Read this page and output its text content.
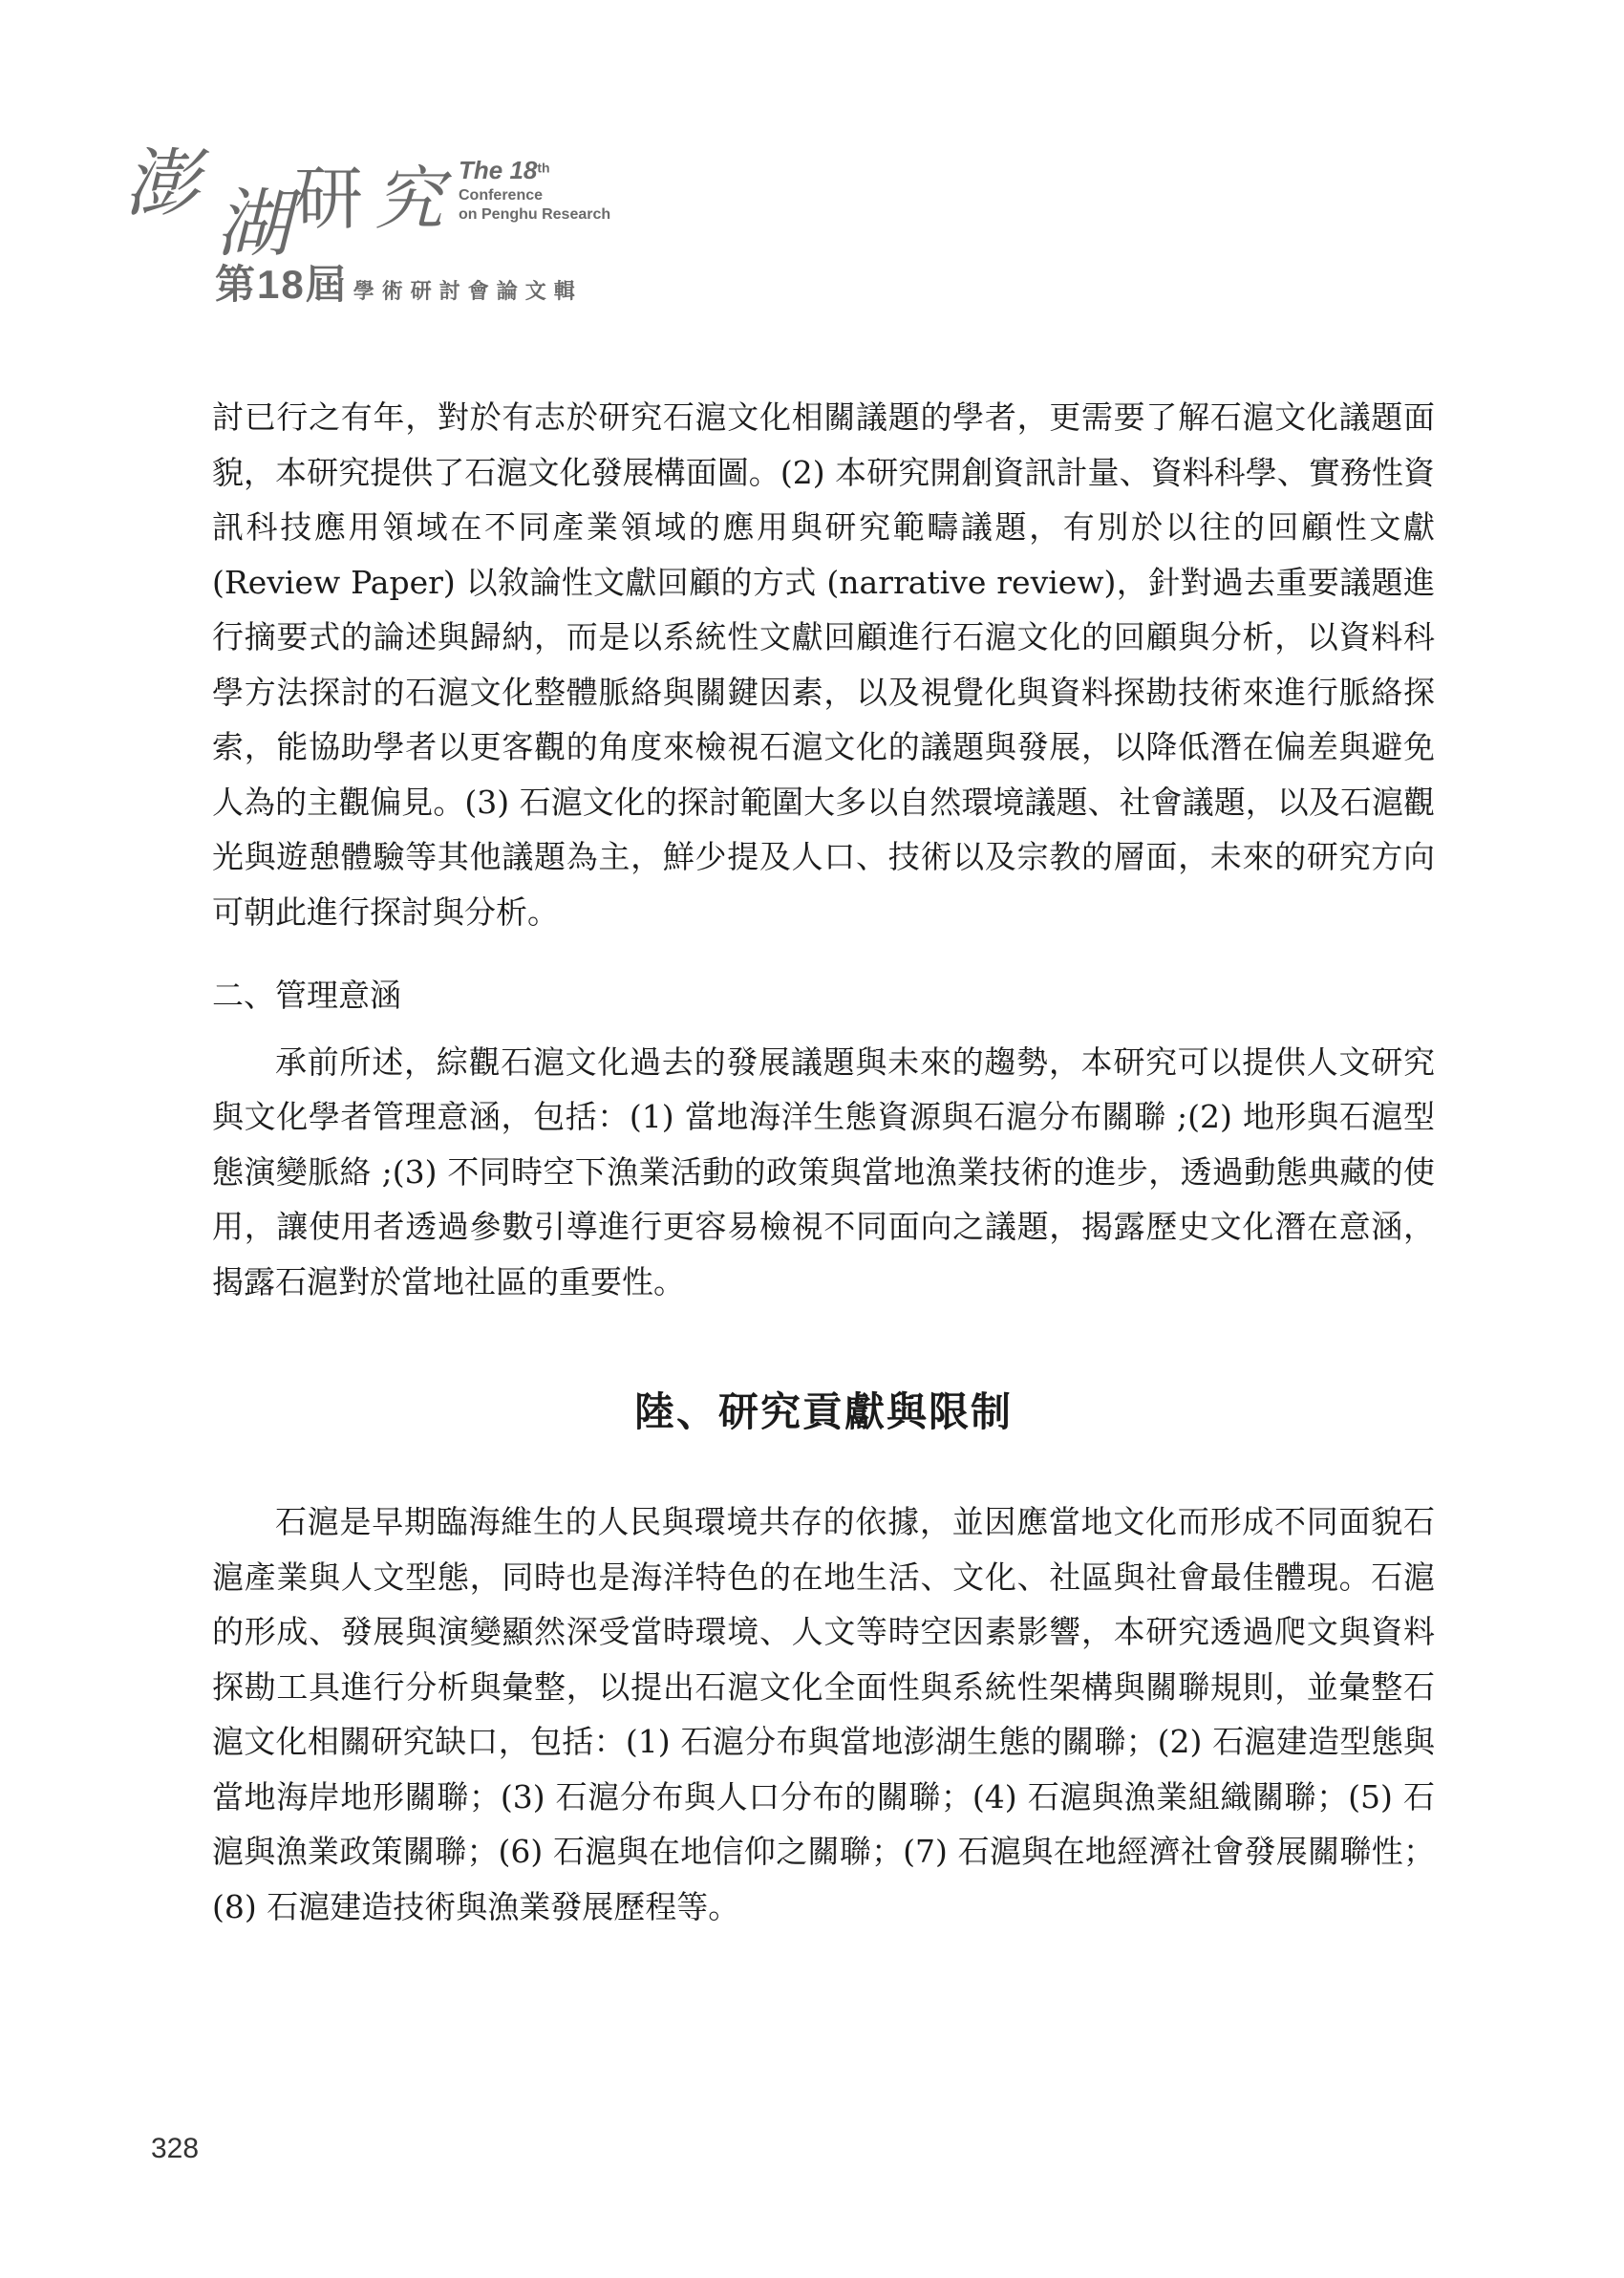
澎 湖 研 究 The 18th
Conference
on Penghu Research
第18屆 學術研討會論文輯

討已行之有年，對於有志於研究石滬文化相關議題的學者，更需要了解石滬文化議題面貌，本研究提供了石滬文化發展構面圖。(2) 本研究開創資訊計量、資料科學、實務性資訊科技應用領域在不同產業領域的應用與研究範疇議題，有別於以往的回顧性文獻 (Review Paper) 以敘論性文獻回顧的方式 (narrative review)，針對過去重要議題進行摘要式的論述與歸納，而是以系統性文獻回顧進行石滬文化的回顧與分析，以資料科學方法探討的石滬文化整體脈絡與關鍵因素，以及視覺化與資料探勘技術來進行脈絡探索，能協助學者以更客觀的角度來檢視石滬文化的議題與發展，以降低潛在偏差與避免人為的主觀偏見。(3) 石滬文化的探討範圍大多以自然環境議題、社會議題，以及石滬觀光與遊憩體驗等其他議題為主，鮮少提及人口、技術以及宗教的層面，未來的研究方向可朝此進行探討與分析。

二、管理意涵

承前所述，綜觀石滬文化過去的發展議題與未來的趨勢，本研究可以提供人文研究與文化學者管理意涵，包括：(1) 當地海洋生態資源與石滬分布關聯 ;(2) 地形與石滬型態演變脈絡 ;(3) 不同時空下漁業活動的政策與當地漁業技術的進步，透過動態典藏的使用，讓使用者透過參數引導進行更容易檢視不同面向之議題，揭露歷史文化潛在意涵，揭露石滬對於當地社區的重要性。

陸、研究貢獻與限制

石滬是早期臨海維生的人民與環境共存的依據，並因應當地文化而形成不同面貌石滬產業與人文型態，同時也是海洋特色的在地生活、文化、社區與社會最佳體現。石滬的形成、發展與演變顯然深受當時環境、人文等時空因素影響，本研究透過爬文與資料探勘工具進行分析與彙整，以提出石滬文化全面性與系統性架構與關聯規則，並彙整石滬文化相關研究缺口，包括：(1) 石滬分布與當地澎湖生態的關聯；(2) 石滬建造型態與當地海岸地形關聯；(3) 石滬分布與人口分布的關聯；(4) 石滬與漁業組織關聯；(5) 石滬與漁業政策關聯；(6) 石滬與在地信仰之關聯；(7) 石滬與在地經濟社會發展關聯性；(8) 石滬建造技術與漁業發展歷程等。

328
